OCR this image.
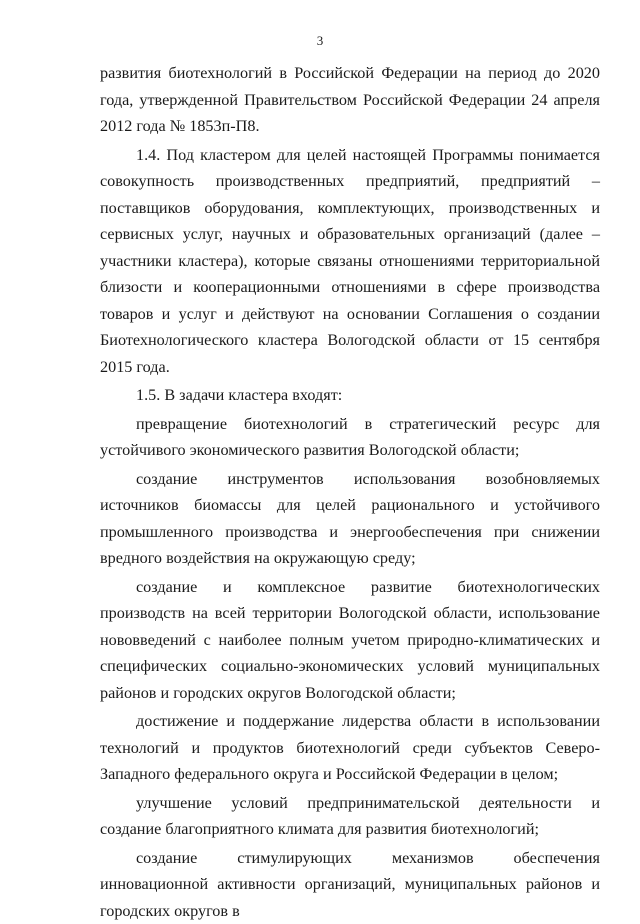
3

развития биотехнологий в Российской Федерации на период до 2020 года, утвержденной Правительством Российской Федерации 24 апреля 2012 года № 1853п-П8.

1.4. Под кластером для целей настоящей Программы понимается совокупность производственных предприятий, предприятий – поставщиков оборудования, комплектующих, производственных и сервисных услуг, научных и образовательных организаций (далее – участники кластера), которые связаны отношениями территориальной близости и кооперационными отношениями в сфере производства товаров и услуг и действуют на основании Соглашения о создании Биотехнологического кластера Вологодской области от 15 сентября 2015 года.

1.5. В задачи кластера входят:

превращение биотехнологий в стратегический ресурс для устойчивого экономического развития Вологодской области;

создание инструментов использования возобновляемых источников биомассы для целей рационального и устойчивого промышленного производства и энергообеспечения при снижении вредного воздействия на окружающую среду;

создание и комплексное развитие биотехнологических производств на всей территории Вологодской области, использование нововведений с наиболее полным учетом природно-климатических и специфических социально-экономических условий муниципальных районов и городских округов Вологодской области;

достижение и поддержание лидерства области в использовании технологий и продуктов биотехнологий среди субъектов Северо-Западного федерального округа и Российской Федерации в целом;

улучшение условий предпринимательской деятельности и создание благоприятного климата для развития биотехнологий;

создание стимулирующих механизмов обеспечения инновационной активности организаций, муниципальных районов и городских округов в
